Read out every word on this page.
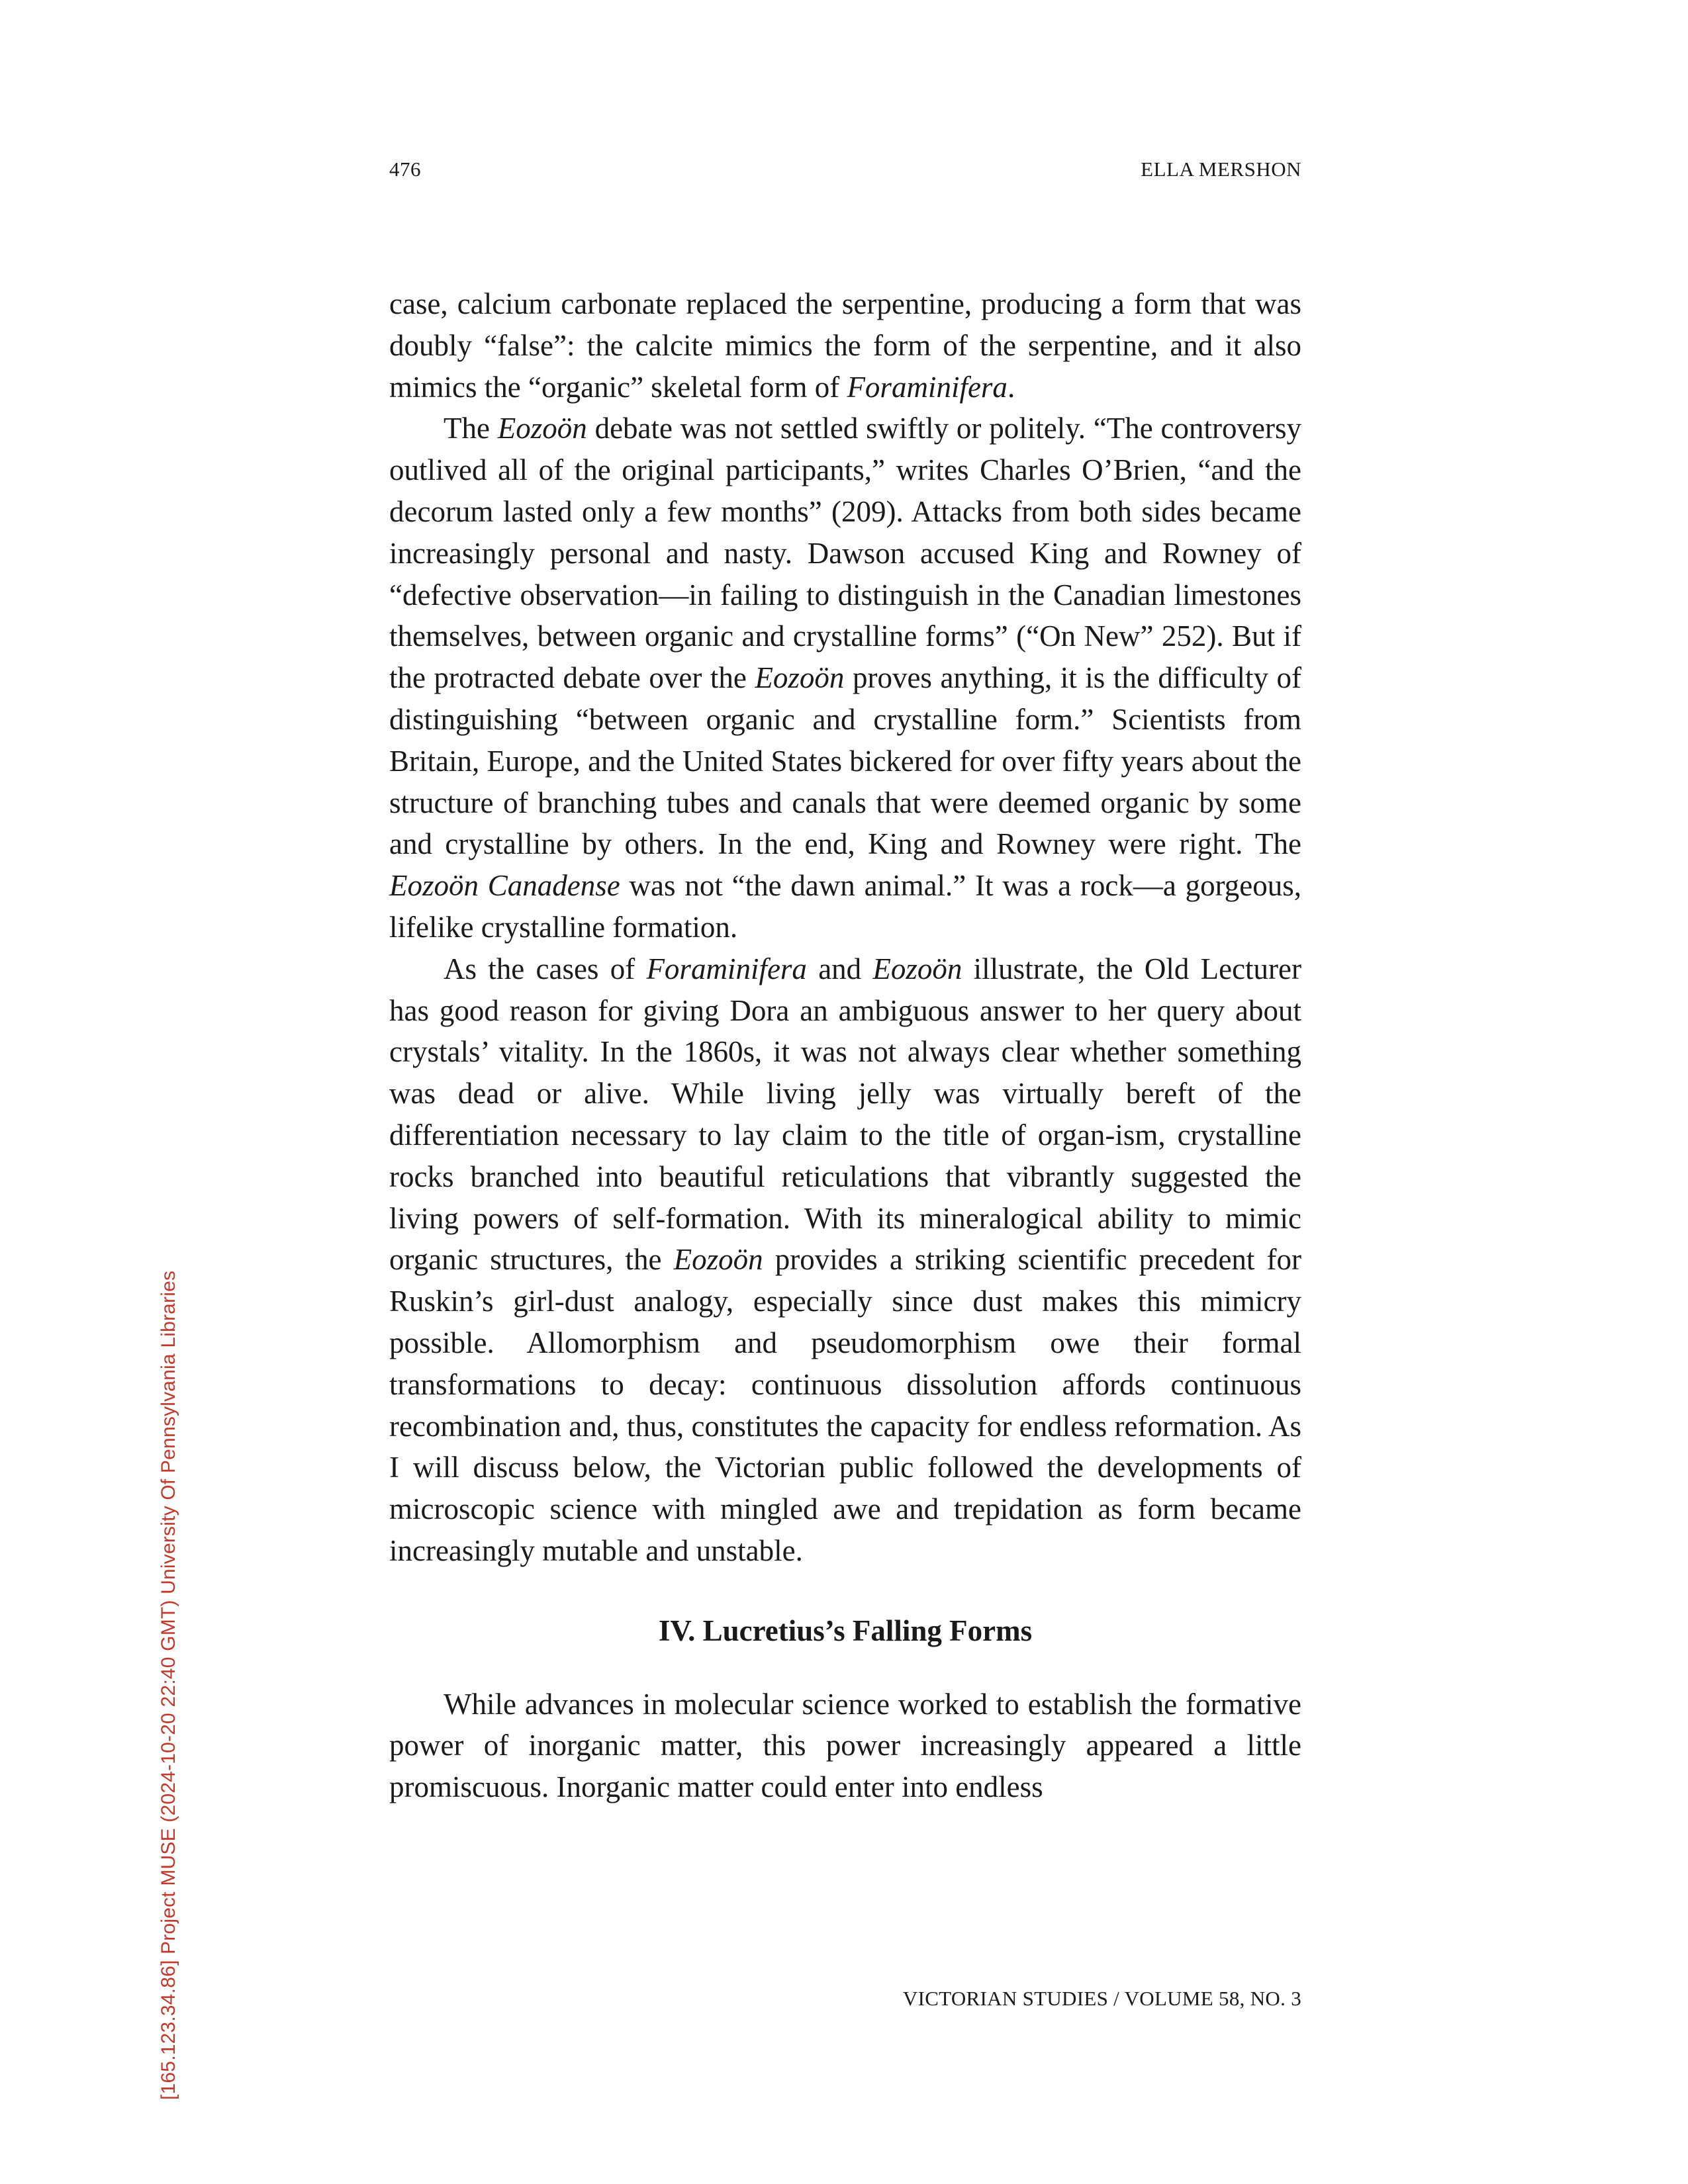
476	ELLA MERSHON

case, calcium carbonate replaced the serpentine, producing a form that was doubly “false”: the calcite mimics the form of the serpentine, and it also mimics the “organic” skeletal form of Foraminifera.

The Eozoön debate was not settled swiftly or politely. “The controversy outlived all of the original participants,” writes Charles O’Brien, “and the decorum lasted only a few months” (209). Attacks from both sides became increasingly personal and nasty. Dawson accused King and Rowney of “defective observation—in failing to distinguish in the Canadian limestones themselves, between organic and crystalline forms” (“On New” 252). But if the protracted debate over the Eozoön proves anything, it is the difficulty of distinguishing “between organic and crystalline form.” Scientists from Britain, Europe, and the United States bickered for over fifty years about the structure of branching tubes and canals that were deemed organic by some and crystalline by others. In the end, King and Rowney were right. The Eozoön Canadense was not “the dawn animal.” It was a rock—a gorgeous, lifelike crystalline formation.

As the cases of Foraminifera and Eozoön illustrate, the Old Lecturer has good reason for giving Dora an ambiguous answer to her query about crystals’ vitality. In the 1860s, it was not always clear whether something was dead or alive. While living jelly was virtually bereft of the differentiation necessary to lay claim to the title of organ-ism, crystalline rocks branched into beautiful reticulations that vibrantly suggested the living powers of self-formation. With its mineralogical ability to mimic organic structures, the Eozoön provides a striking scientific precedent for Ruskin’s girl-dust analogy, especially since dust makes this mimicry possible. Allomorphism and pseudomorphism owe their formal transformations to decay: continuous dissolution affords continuous recombination and, thus, constitutes the capacity for endless reformation. As I will discuss below, the Victorian public followed the developments of microscopic science with mingled awe and trepidation as form became increasingly mutable and unstable.

IV. Lucretius’s Falling Forms

While advances in molecular science worked to establish the formative power of inorganic matter, this power increasingly appeared a little promiscuous. Inorganic matter could enter into endless

VICTORIAN STUDIES / VOLUME 58, NO. 3
[165.123.34.86] Project MUSE (2024-10-20 22:40 GMT) University Of Pennsylvania Libraries
